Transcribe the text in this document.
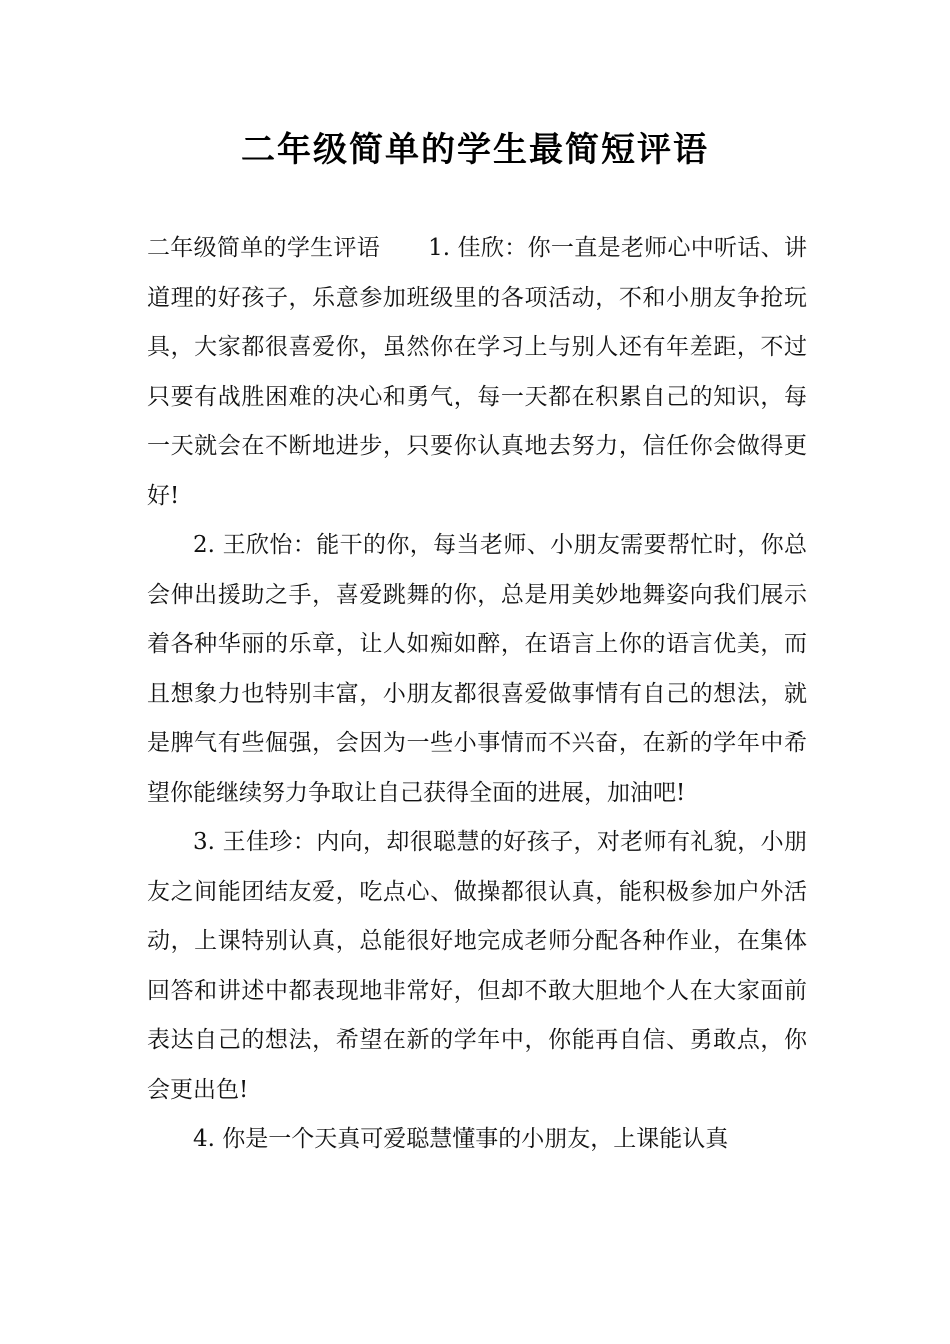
二年级简单的学生最简短评语

二年级简单的学生评语 1. 佳欣：你一直是老师心中听话、讲道理的好孩子，乐意参加班级里的各项活动，不和小朋友争抢玩具，大家都很喜爱你，虽然你在学习上与别人还有年差距，不过只要有战胜困难的决心和勇气，每一天都在积累自己的知识，每一天就会在不断地进步，只要你认真地去努力，信任你会做得更好!

2. 王欣怡：能干的你，每当老师、小朋友需要帮忙时，你总会伸出援助之手，喜爱跳舞的你，总是用美妙地舞姿向我们展示着各种华丽的乐章，让人如痴如醉，在语言上你的语言优美，而且想象力也特别丰富，小朋友都很喜爱做事情有自己的想法，就是脾气有些倔强，会因为一些小事情而不兴奋，在新的学年中希望你能继续努力争取让自己获得全面的进展，加油吧!

3. 王佳珍：内向，却很聪慧的好孩子，对老师有礼貌，小朋友之间能团结友爱，吃点心、做操都很认真，能积极参加户外活动，上课特别认真，总能很好地完成老师分配各种作业，在集体回答和讲述中都表现地非常好，但却不敢大胆地个人在大家面前表达自己的想法，希望在新的学年中，你能再自信、勇敢点，你会更出色!

4. 你是一个天真可爱聪慧懂事的小朋友，上课能认真
